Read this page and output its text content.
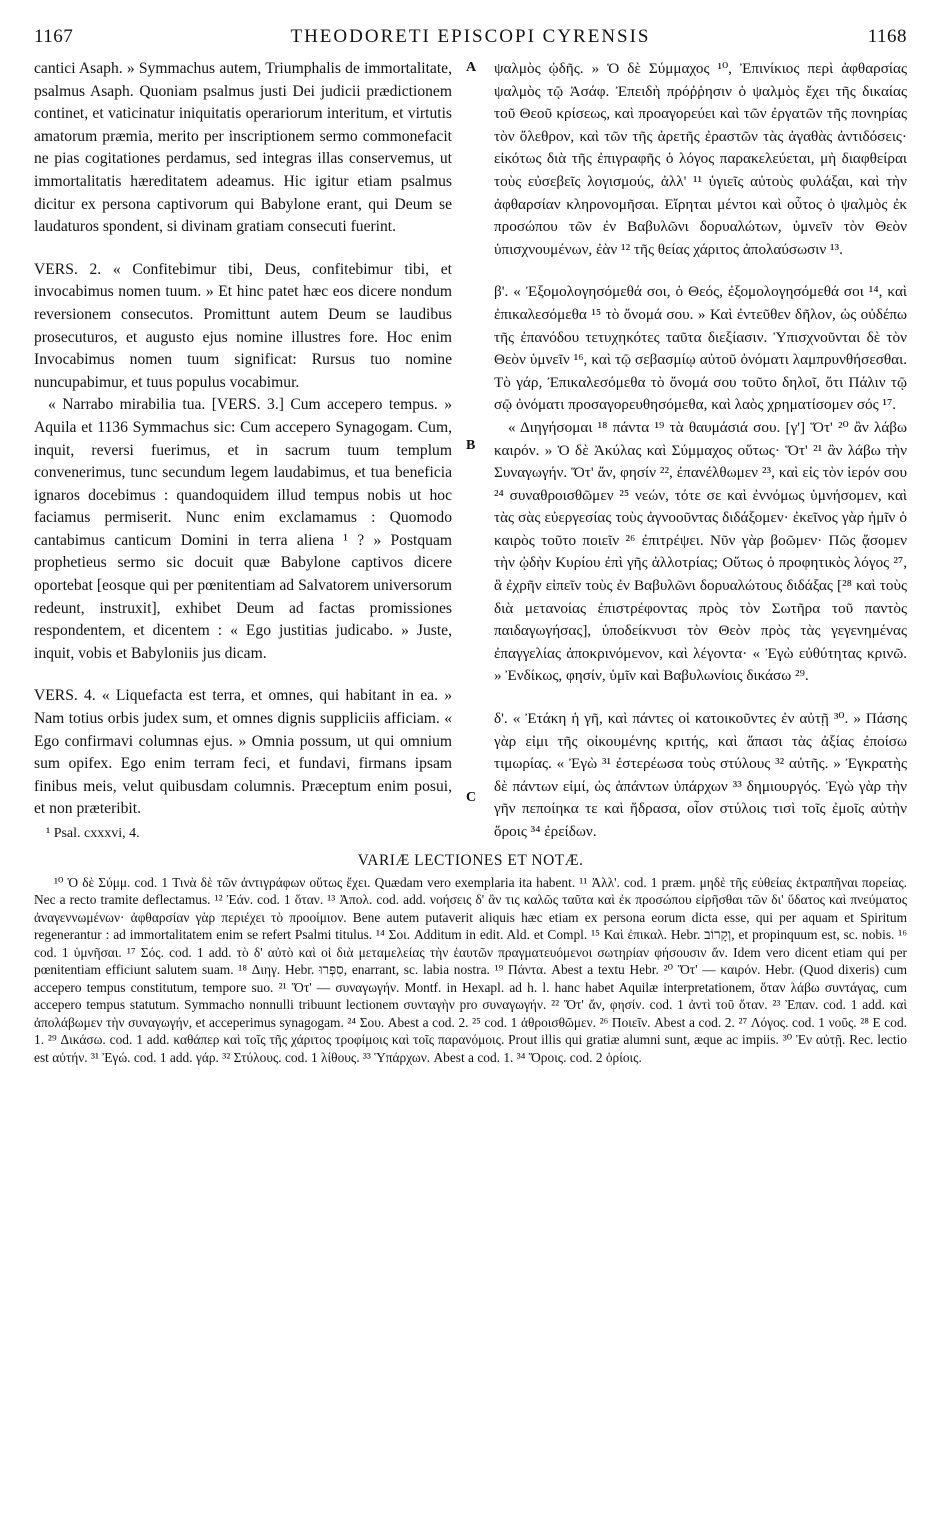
1167	THEODORETI EPISCOPI CYRENSIS	1168

cantici Asaph. » Symmachus autem, Triumphalis de immortalitate, psalmus Asaph. Quoniam psalmus justi Dei judicii prædictionem continet, et vaticinatur iniquitatis operariorum interitum, et virtutis amatorum præmia, merito per inscriptionem sermo commonefacit ne pias cogitationes perdamus, sed integras illas conservemus, ut immortalitatis hæreditatem adeamus. Hic igitur etiam psalmus dicitur ex persona captivorum qui Babylone erant, qui Deum se laudaturos spondent, si divinam gratiam consecuti fuerint.

VERS. 2. « Confitebimur tibi, Deus, confitebimur tibi, et invocabimus nomen tuum. » Et hinc patet hæc eos dicere nondum reversionem consecutos. Promittunt autem Deum se laudibus prosecuturos, et augusto ejus nomine illustres fore. Hoc enim Invocabimus nomen tuum significat: Rursus tuo nomine nuncupabimur, et tuus populus vocabimur.

« Narrabo mirabilia tua. [VERS. 3.] Cum accepero tempus. » Aquila et 1136 Symmachus sic: Cum accepero Synagogam. Cum, inquit, reversi fuerimus, et in sacrum tuum templum convenerimus, tunc secundum legem laudabimus, et tua beneficia ignaros docebimus : quandoquidem illud tempus nobis ut hoc faciamus permiserit. Nunc enim exclamamus : Quomodo cantabimus canticum Domini in terra aliena ¹ ? » Postquam prophetieus sermo sic docuit quæ Babylone captivos dicere oportebat [eosque qui per pœnitentiam ad Salvatorem universorum redeunt, instruxit], exhibet Deum ad factas promissiones respondentem, et dicentem : « Ego justitias judicabo. » Juste, inquit, vobis et Babyloniis jus dicam.

VERS. 4. « Liquefacta est terra, et omnes, qui habitant in ea. » Nam totius orbis judex sum, et omnes dignis suppliciis afficiam. « Ego confirmavi columnas ejus. » Omnia possum, ut qui omnium sum opifex. Ego enim terram feci, et fundavi, firmans ipsam finibus meis, velut quibusdam columnis. Præceptum enim posui, et non præteribit.

¹ Psal. cxxxvi, 4.
A
B
C

ψαλμὸς ᾠδῆς. » Ὁ δὲ Σύμμαχος ¹⁰, Ἐπινίκιος περὶ ἀφθαρσίας ψαλμὸς τῷ Ἀσάφ. Ἐπειδὴ πρόῤῥησιν ὁ ψαλμὸς ἔχει τῆς δικαίας τοῦ Θεοῦ κρίσεως, καὶ προαγορεύει καὶ τῶν ἐργατῶν τῆς πονηρίας τὸν ὄλεθρον, καὶ τῶν τῆς ἀρετῆς ἐραστῶν τὰς ἀγαθὰς ἀντιδόσεις· εἰκότως διὰ τῆς ἐπιγραφῆς ὁ λόγος παρακελεύεται, μὴ διαφθείραι τοὺς εὐσεβεῖς λογισμούς, ἀλλ' ¹¹ ὑγιεῖς αὐτοὺς φυλάξαι, καὶ τὴν ἀφθαρσίαν κληρονομῆσαι. Εἴρηται μέντοι καὶ οὗτος ὁ ψαλμὸς ἐκ προσώπου τῶν ἐν Βαβυλῶνι δορυαλώτων, ὑμνεῖν τὸν Θεὸν ὑπισχνουμένων, ἐὰν ¹² τῆς θείας χάριτος ἀπολαύσωσιν ¹³.

β'. « Ἐξομολογησόμεθά σοι, ὁ Θεός, ἐξομολογησόμεθά σοι ¹⁴, καὶ ἐπικαλεσόμεθα ¹⁵ τὸ ὄνομά σου. » Καὶ ἐντεῦθεν δῆλον, ὡς οὐδέπω τῆς ἐπανόδου τετυχηκότες ταῦτα διεξίασιν. Ὑπισχνοῦνται δὲ τὸν Θεὸν ὑμνεῖν ¹⁶, καὶ τῷ σεβασμίῳ αὐτοῦ ὀνόματι λαμπρυνθήσεσθαι. Τὸ γάρ, Ἐπικαλεσόμεθα τὸ ὄνομά σου τοῦτο δηλοῖ, ὅτι Πάλιν τῷ σῷ ὀνόματι προσαγορευθησόμεθα, καὶ λαὸς χρηματίσομεν σός ¹⁷.

« Διηγήσομαι ¹⁸ πάντα ¹⁹ τὰ θαυμάσιά σου. [γ'] Ὅτ' ²⁰ ἂν λάβω καιρόν. » Ὁ δὲ Ἀκύλας καὶ Σύμμαχος οὕτως· Ὅτ' ²¹ ἂν λάβω τὴν Συναγωγήν. Ὅτ' ἄν, φησίν ²², ἐπανέλθωμεν ²³, καὶ εἰς τὸν ἱερόν σου ²⁴ συναθροισθῶμεν ²⁵ νεών, τότε σε καὶ ἐννόμως ὑμνήσομεν, καὶ τὰς σὰς εὐεργεσίας τοὺς ἀγνοοῦντας διδάξομεν· ἐκεῖνος γὰρ ἡμῖν ὁ καιρὸς τοῦτο ποιεῖν ²⁶ ἐπιτρέψει. Νῦν γὰρ βοῶμεν· Πῶς ᾄσομεν τὴν ᾠδὴν Κυρίου ἐπὶ γῆς ἀλλοτρίας; Οὕτως ὁ προφητικὸς λόγος ²⁷, ἃ ἐχρῆν εἰπεῖν τοὺς ἐν Βαβυλῶνι δορυαλώτους διδάξας [²⁸ καὶ τοὺς διὰ μετανοίας ἐπιστρέφοντας πρὸς τὸν Σωτῆρα τοῦ παντὸς παιδαγωγήσας], ὑποδείκνυσι τὸν Θεὸν πρὸς τὰς γεγενημένας ἐπαγγελίας ἀποκρινόμενον, καὶ λέγοντα· « Ἐγὼ εὐθύτητας κρινῶ. » Ἐνδίκως, φησίν, ὑμῖν καὶ Βαβυλωνίοις δικάσω ²⁹.

δ'. « Ἐτάκη ἡ γῆ, καὶ πάντες οἱ κατοικοῦντες ἐν αὐτῇ ³⁰. » Πάσης γὰρ εἰμι τῆς οἰκουμένης κριτής, καὶ ἅπασι τὰς ἀξίας ἐποίσω τιμωρίας. « Ἐγὼ ³¹ ἐστερέωσα τοὺς στύλους ³² αὐτῆς. » Ἐγκρατὴς δὲ πάντων εἰμί, ὡς ἁπάντων ὑπάρχων ³³ δημιουργός. Ἐγὼ γὰρ τὴν γῆν πεποίηκα τε καὶ ἥδρασα, οἷον στύλοις τισὶ τοῖς ἐμοῖς αὐτὴν ὅροις ³⁴ ἐρείδων.

VARIÆ LECTIONES ET NOTÆ.

¹⁰ Ὁ δὲ Σύμμ. cod. 1 Τινὰ δὲ τῶν ἀντιγράφων οὕτως ἔχει. Quædam vero exemplaria ita habent. ¹¹ Ἀλλ'. cod. 1 præm. μηδὲ τῆς εὐθείας ἐκτραπῆναι πορείας. Nec a recto tramite deflectamus. ¹² Ἐάν. cod. 1 ὅταν. ¹³ Ἀπολ. cod. add. νοήσεις δ' ἂν τις καλῶς ταῦτα καὶ ἐκ προσώπου εἰρῆσθαι τῶν δι' ὕδατος καὶ πνεύματος ἀναγεννωμένων· ἀφθαρσίαν γὰρ περιέχει τὸ προοίμιον. Bene autem putaverit aliquis hæc etiam ex persona eorum dicta esse, qui per aquam et Spiritum regenerantur : ad immortalitatem enim se refert Psalmi titulus. ¹⁴ Σοι. Additum in edit. Ald. et Compl. ¹⁵ Καὶ ἐπικαλ. Hebr. וְקָרוֹב, et propinquum est, sc. nobis. ¹⁶ cod. 1 ὑμνῆσαι. ¹⁷ Σός. cod. 1 add. τὸ δ' αὐτὸ καὶ οἱ διὰ μεταμελείας τὴν ἑαυτῶν πραγματευόμενοι σωτηρίαν φήσουσιν ἄν. Idem vero dicent etiam qui per pœnitentiam efficiunt salutem suam. ¹⁸ Διηγ. Hebr. סִפְּרוּ, enarrant, sc. labia nostra. ¹⁹ Πάντα. Abest a textu Hebr. ²⁰ Ὅτ' — καιρόν. Hebr. (Quod dixeris) cum accepero tempus constitutum, tempore suo. ²¹ Ὅτ' — συναγωγήν. Montf. in Hexapl. ad h. l. hanc habet Aquilæ interpretationem, ὅταν λάβω συντάγας, cum accepero tempus statutum. Symmacho nonnulli tribuunt lectionem συνταγὴν pro συναγωγήν. ²² Ὅτ' ἄν, φησίν. cod. 1 ἀντὶ τοῦ ὅταν. ²³ Ἐπαν. cod. 1 add. καὶ ἀπολάβωμεν τὴν συναγωγήν, et acceperimus synagogam. ²⁴ Σου. Abest a cod. 2. ²⁵ cod. 1 ἀθροισθῶμεν. ²⁶ Ποιεῖν. Abest a cod. 2. ²⁷ Λόγος. cod. 1 νοῦς. ²⁸ E cod. 1. ²⁹ Δικάσω. cod. 1 add. καθάπερ καὶ τοῖς τῆς χάριτος τροφίμοις καὶ τοῖς παρανόμοις. Prout illis qui gratiæ alumni sunt, æque ac impiis. ³⁰ Ἐν αὐτῇ. Rec. lectio est αὐτήν. ³¹ Ἐγώ. cod. 1 add. γάρ. ³² Στύλους. cod. 1 λίθους. ³³ Ὑπάρχων. Abest a cod. 1. ³⁴ Ὅροις. cod. 2 ὁρίοις.
